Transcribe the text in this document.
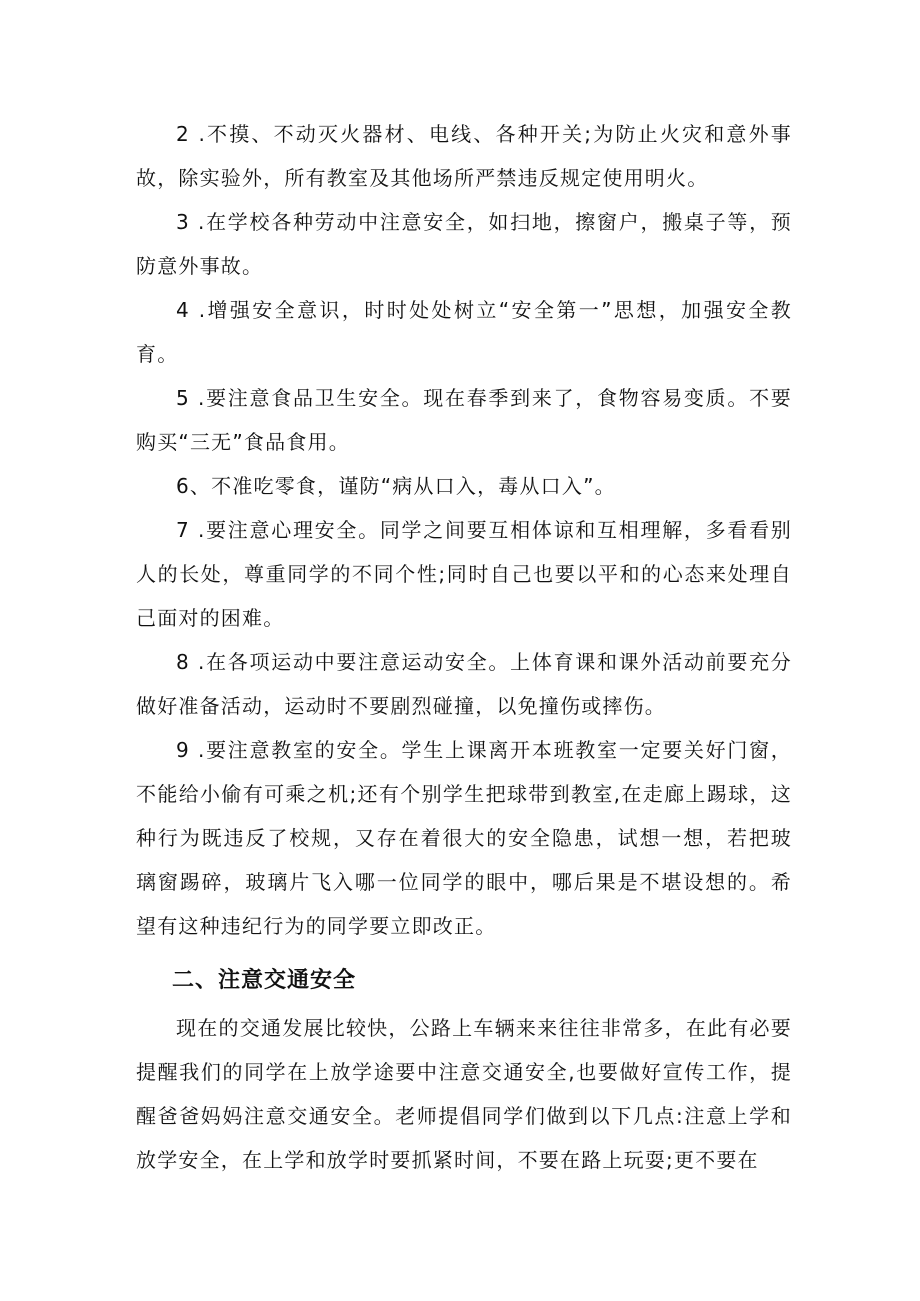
2 .不摸、不动灭火器材、电线、各种开关;为防止火灾和意外事故，除实验外，所有教室及其他场所严禁违反规定使用明火。

3 .在学校各种劳动中注意安全，如扫地，擦窗户，搬桌子等，预防意外事故。

4 .增强安全意识，时时处处树立“安全第一”思想，加强安全教育。

5 .要注意食品卫生安全。现在春季到来了，食物容易变质。不要购买“三无”食品食用。

6、不准吃零食，谨防“病从口入，毒从口入”。

7 .要注意心理安全。同学之间要互相体谅和互相理解，多看看别人的长处，尊重同学的不同个性;同时自己也要以平和的心态来处理自己面对的困难。

8 .在各项运动中要注意运动安全。上体育课和课外活动前要充分做好准备活动，运动时不要剧烈碰撞，以免撞伤或摔伤。

9 .要注意教室的安全。学生上课离开本班教室一定要关好门窗，不能给小偷有可乘之机;还有个别学生把球带到教室,在走廊上踢球，这种行为既违反了校规，又存在着很大的安全隐患，试想一想，若把玻璃窗踢碎，玻璃片飞入哪一位同学的眼中，哪后果是不堪设想的。希望有这种违纪行为的同学要立即改正。

二、注意交通安全

现在的交通发展比较快，公路上车辆来来往往非常多，在此有必要提醒我们的同学在上放学途要中注意交通安全,也要做好宣传工作，提醒爸爸妈妈注意交通安全。老师提倡同学们做到以下几点:注意上学和放学安全，在上学和放学时要抓紧时间，不要在路上玩耍;更不要在
